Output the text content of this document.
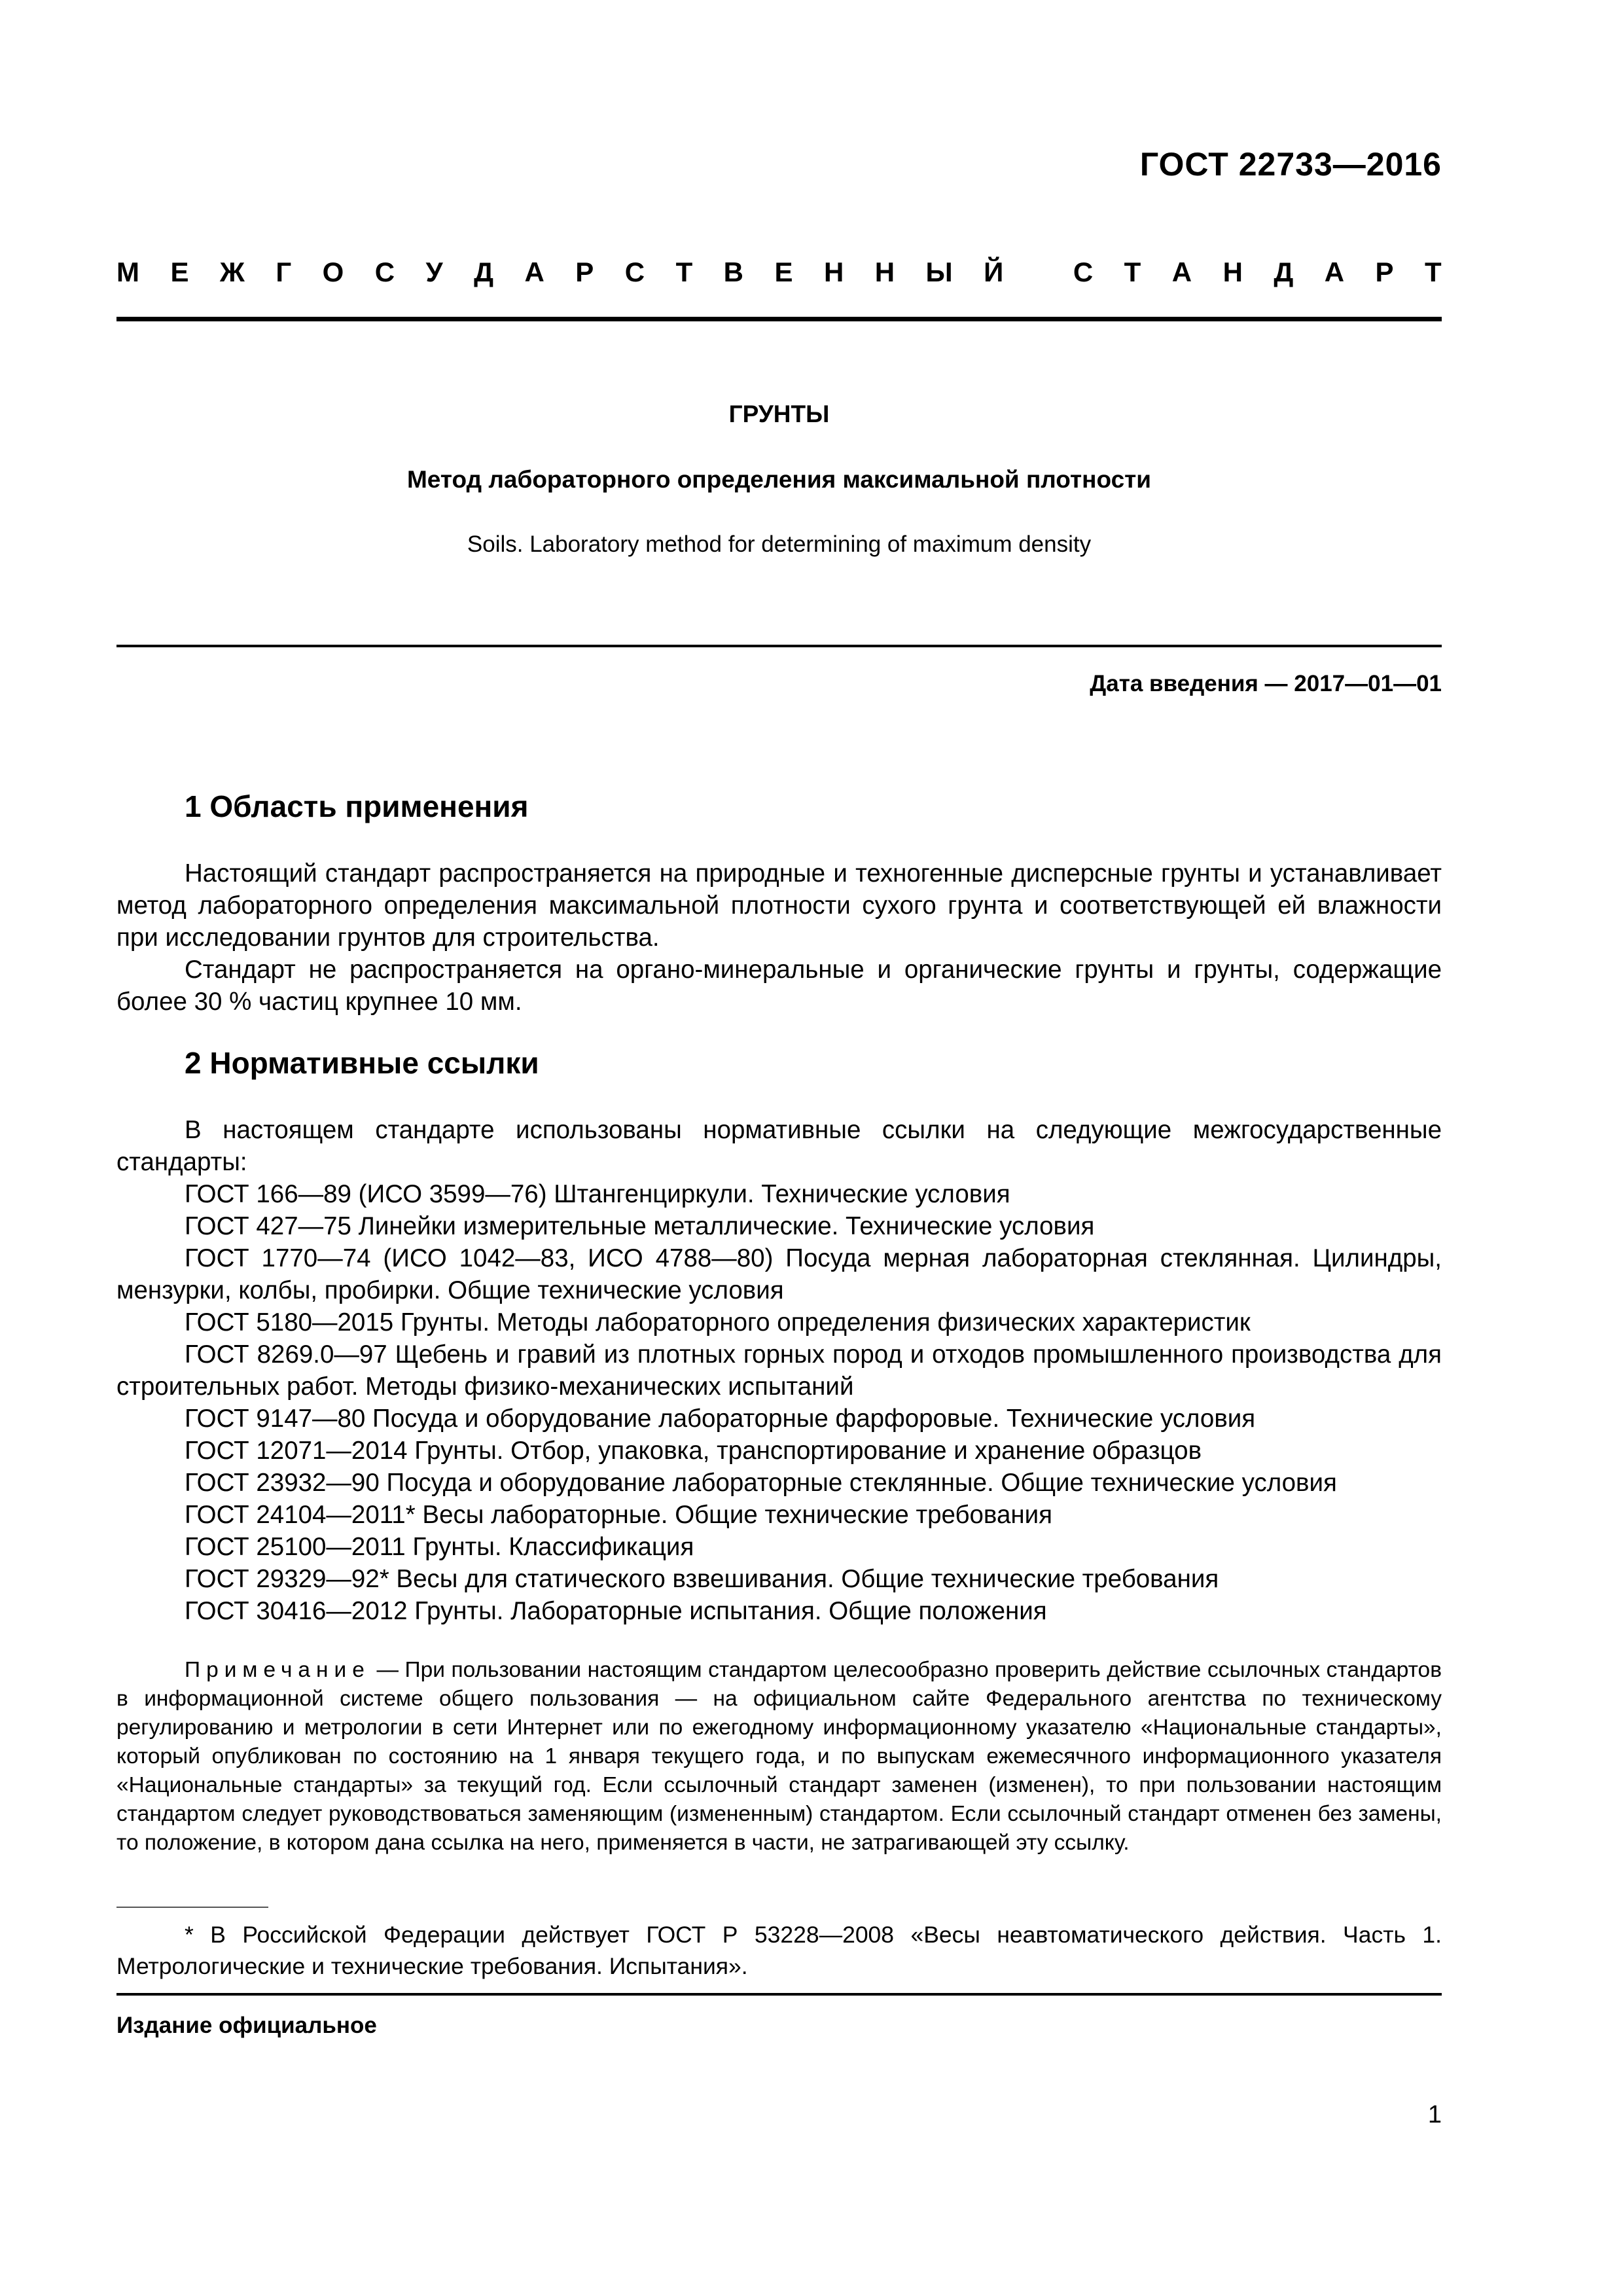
ГОСТ 22733—2016
М Е Ж Г О С У Д А Р С Т В Е Н Н Ы Й
	С Т А Н Д А Р Т
ГРУНТЫ
Метод лабораторного определения максимальной плотности
Soils. Laboratory method for determining of maximum density
Дата введения — 2017—01—01
1 Область применения

Настоящий стандарт распространяется на природные и техногенные дисперсные грунты и устанавливает метод лабораторного определения максимальной плотности сухого грунта и соответствующей ей влажности при исследовании грунтов для строительства.

Стандарт не распространяется на органо-минеральные и органические грунты и грунты, содержащие более 30 % частиц крупнее 10 мм.

2 Нормативные ссылки

В настоящем стандарте использованы нормативные ссылки на следующие межгосударственные стандарты:

ГОСТ 166—89 (ИСО 3599—76) Штангенциркули. Технические условия

ГОСТ 427—75 Линейки измерительные металлические. Технические условия

ГОСТ 1770—74 (ИСО 1042—83, ИСО 4788—80) Посуда мерная лабораторная стеклянная. Цилиндры, мензурки, колбы, пробирки. Общие технические условия

ГОСТ 5180—2015 Грунты. Методы лабораторного определения физических характеристик

ГОСТ 8269.0—97 Щебень и гравий из плотных горных пород и отходов промышленного производства для строительных работ. Методы физико-механических испытаний

ГОСТ 9147—80 Посуда и оборудование лабораторные фарфоровые. Технические условия

ГОСТ 12071—2014 Грунты. Отбор, упаковка, транспортирование и хранение образцов

ГОСТ 23932—90 Посуда и оборудование лабораторные стеклянные. Общие технические условия

ГОСТ 24104—2011* Весы лабораторные. Общие технические требования

ГОСТ 25100—2011 Грунты. Классификация

ГОСТ 29329—92* Весы для статического взвешивания. Общие технические требования

ГОСТ 30416—2012 Грунты. Лабораторные испытания. Общие положения

Примечание — При пользовании настоящим стандартом целесообразно проверить действие ссылочных стандартов в информационной системе общего пользования — на официальном сайте Федерального агентства по техническому регулированию и метрологии в сети Интернет или по ежегодному информационному указателю «Национальные стандарты», который опубликован по состоянию на 1 января текущего года, и по выпускам ежемесячного информационного указателя «Национальные стандарты» за текущий год. Если ссылочный стандарт заменен (изменен), то при пользовании настоящим стандартом следует руководствоваться заменяющим (измененным) стандартом. Если ссылочный стандарт отменен без замены, то положение, в котором дана ссылка на него, применяется в части, не затрагивающей эту ссылку.
* В Российской Федерации действует ГОСТ Р 53228—2008 «Весы неавтоматического действия. Часть 1. Метрологические и технические требования. Испытания».
Издание официальное
1
